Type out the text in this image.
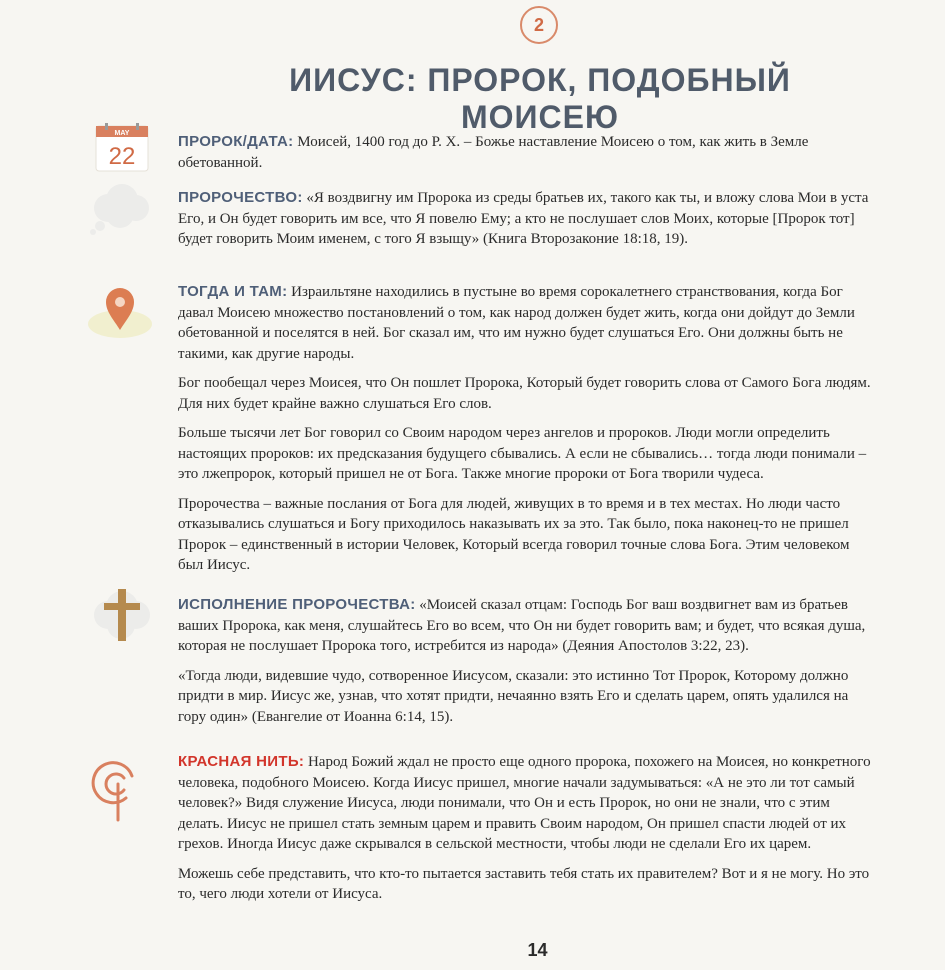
2
ИИСУС: ПРОРОК, ПОДОБНЫЙ МОИСЕЮ
MAY
22

ПРОРОК/ДАТА: Моисей, 1400 год до Р. Х. – Божье наставление Моисею о том, как жить в Земле обетованной.

ПРОРОЧЕСТВО: «Я воздвигну им Пророка из среды братьев их, такого как ты, и вложу слова Мои в уста Его, и Он будет говорить им все, что Я повелю Ему; а кто не послушает слов Моих, которые [Пророк тот] будет говорить Моим именем, с того Я взыщу» (Книга Второзаконие 18:18, 19).

ТОГДА И ТАМ: Израильтяне находились в пустыне во время сорокалетнего странствования, когда Бог давал Моисею множество постановлений о том, как народ должен будет жить, когда они дойдут до Земли обетованной и поселятся в ней. Бог сказал им, что им нужно будет слушаться Его. Они должны быть не такими, как другие народы.

Бог пообещал через Моисея, что Он пошлет Пророка, Который будет говорить слова от Самого Бога людям. Для них будет крайне важно слушаться Его слов.

Больше тысячи лет Бог говорил со Своим народом через ангелов и пророков. Люди могли определить настоящих пророков: их предсказания будущего сбывались. А если не сбывались… тогда люди понимали – это лжепророк, который пришел не от Бога. Также многие пророки от Бога творили чудеса.

Пророчества – важные послания от Бога для людей, живущих в то время и в тех местах. Но люди часто отказывались слушаться и Богу приходилось наказывать их за это. Так было, пока наконец-то не пришел Пророк – единственный в истории Человек, Который всегда говорил точные слова Бога. Этим человеком был Иисус.

ИСПОЛНЕНИЕ ПРОРОЧЕСТВА: «Моисей сказал отцам: Господь Бог ваш воздвигнет вам из братьев ваших Пророка, как меня, слушайтесь Его во всем, что Он ни будет говорить вам; и будет, что всякая душа, которая не послушает Пророка того, истребится из народа» (Деяния Апостолов 3:22, 23).

«Тогда люди, видевшие чудо, сотворенное Иисусом, сказали: это истинно Тот Пророк, Которому должно придти в мир. Иисус же, узнав, что хотят придти, нечаянно взять Его и сделать царем, опять удалился на гору один» (Евангелие от Иоанна 6:14, 15).

КРАСНАЯ НИТЬ: Народ Божий ждал не просто еще одного пророка, похожего на Моисея, но конкретного человека, подобного Моисею. Когда Иисус пришел, многие начали задумываться: «А не это ли тот самый человек?» Видя служение Иисуса, люди понимали, что Он и есть Пророк, но они не знали, что с этим делать. Иисус не пришел стать земным царем и править Своим народом, Он пришел спасти людей от их грехов. Иногда Иисус даже скрывался в сельской местности, чтобы люди не сделали Его их царем.

Можешь себе представить, что кто-то пытается заставить тебя стать их правителем? Вот и я не могу. Но это то, чего люди хотели от Иисуса.

14
